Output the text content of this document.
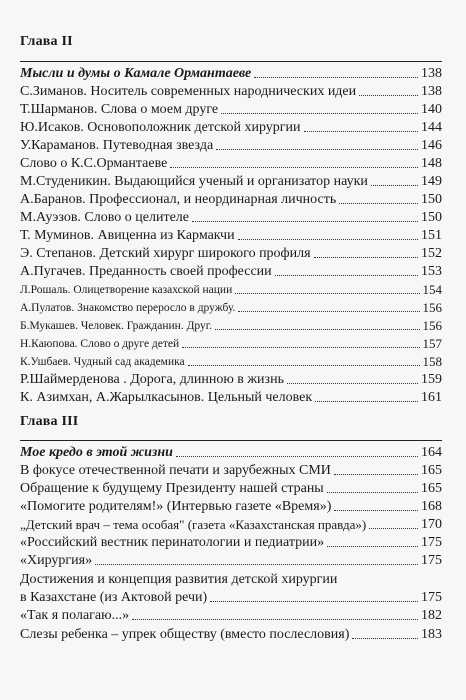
Глава II
Мысли и думы о Камале Ормантаеве	138
С.Зиманов. Носитель современных народнических идеи	138
Т.Шарманов. Слова о моем друге	140
Ю.Исаков. Основоположник детской хирургии	144
У.Караманов. Путеводная звезда	146
Слово о К.С.Ормантаеве	148
М.Студеникин. Выдающийся ученый и организатор науки	149
А.Баранов. Профессионал, и неординарная личность	150
М.Ауэзов. Слово о целителе	150
Т. Муминов. Авиценна из Кармакчи	151
Э. Степанов. Детский хирург широкого профиля	152
А.Пугачев. Преданность своей профессии	153
Л.Рошаль. Олицетворение казахской нации	154
А.Пулатов. Знакомство переросло в дружбу.	156
Б.Мукашев. Человек. Гражданин. Друг.	156
Н.Каюпова. Слово о друге детей	157
К.Ушбаев. Чудный сад академика	158
Р.Шаймерденова . Дорога, длинною в жизнь	159
К. Азимхан, А.Жарылкасынов. Цельный человек	161
Глава III
Мое кредо в этой жизни	164
В фокусе отечественной печати и зарубежных СМИ	165
Обращение к будущему Президенту нашей страны	165
«Помогите родителям!» (Интервью газете «Время»)	168
„Детский врач – тема особая" (газета «Казахстанская правда»)	170
«Российский вестник перинатологии и педиатрии»	175
«Хирургия»	175
Достижения и концепция развития детской хирургии
в Казахстане (из Актовой речи)	175
«Так я полагаю...»	182
Слезы ребенка – упрек обществу (вместо послесловия)	183
